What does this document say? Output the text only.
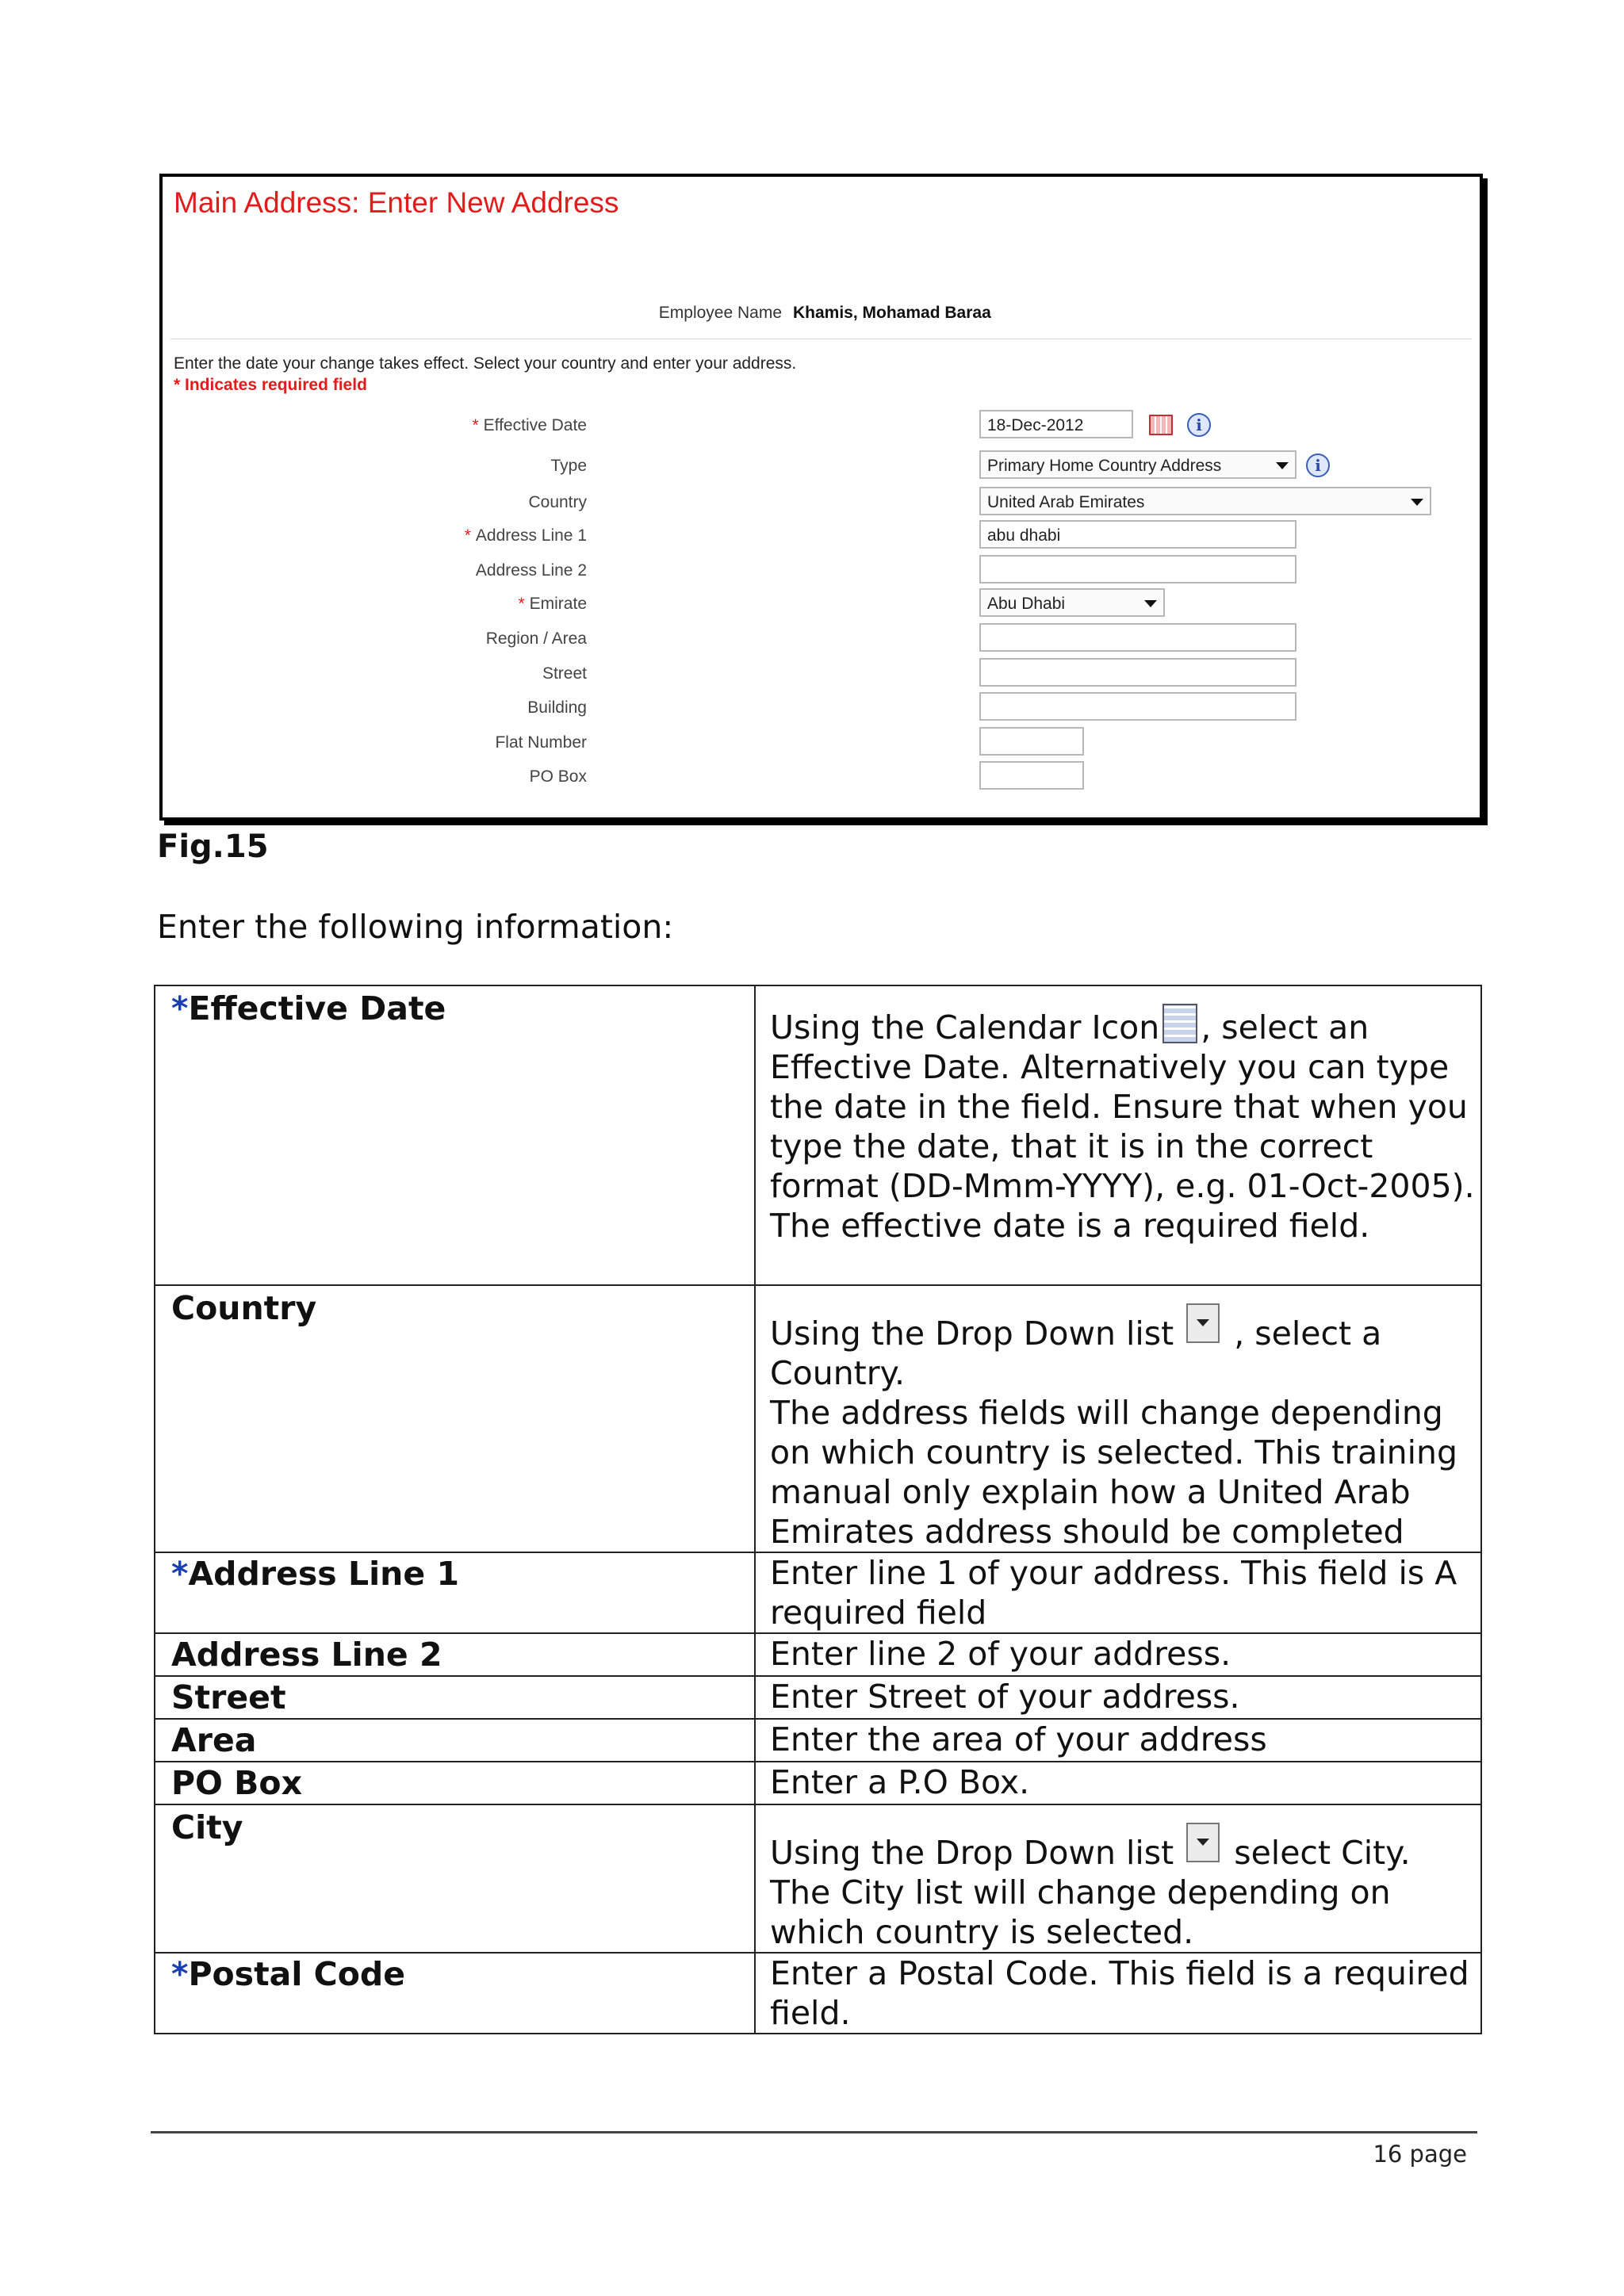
Main Address: Enter New Address
Employee Name Khamis, Mohamad Baraa
Enter the date your change takes effect. Select your country and enter your address.
* Indicates required field
* Effective Date	18-Dec-2012	i
Type	Primary Home Country Address	i
Country	United Arab Emirates
* Address Line 1	abu dhabi
Address Line 2
* Emirate	Abu Dhabi
Region / Area
Street
Building
Flat Number
PO Box
Fig.15
Enter the following information:
*Effective Date	Using the Calendar Icon , select an Effective Date. Alternatively you can type the date in the field. Ensure that when you type the date, that it is in the correct format (DD-Mmm-YYYY), e.g. 01-Oct-2005). The effective date is a required field.
Country	Using the Drop Down list , select a Country.
The address fields will change depending on which country is selected. This training manual only explain how a United Arab Emirates address should be completed
*Address Line 1	Enter line 1 of your address. This field is A required field
Address Line 2	Enter line 2 of your address.
Street	Enter Street of your address.
Area	Enter the area of your address
PO Box	Enter a P.O Box.
City	Using the Drop Down list select City.
The City list will change depending on which country is selected.
*Postal Code	Enter a Postal Code. This field is a required field.
16 page
